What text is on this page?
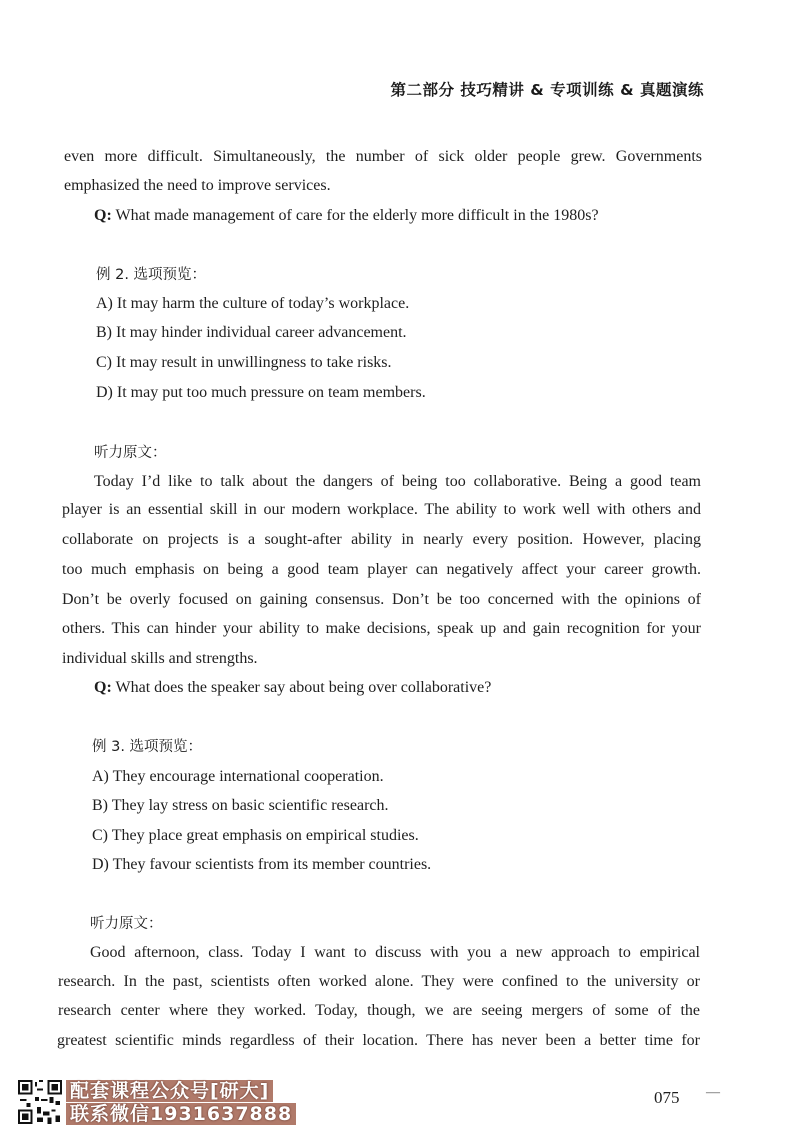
第二部分 技巧精讲 & 专项训练 & 真题演练
even more difficult. Simultaneously, the number of sick older people grew. Governments
emphasized the need to improve services.
Q: What made management of care for the elderly more difficult in the 1980s?
例 2. 选项预览：
A) It may harm the culture of today’s workplace.
B) It may hinder individual career advancement.
C) It may result in unwillingness to take risks.
D) It may put too much pressure on team members.
听力原文：
Today I’d like to talk about the dangers of being too collaborative. Being a good team
player is an essential skill in our modern workplace. The ability to work well with others and
collaborate on projects is a sought-after ability in nearly every position. However, placing
too much emphasis on being a good team player can negatively affect your career growth.
Don’t be overly focused on gaining consensus. Don’t be too concerned with the opinions of
others. This can hinder your ability to make decisions, speak up and gain recognition for your
individual skills and strengths.
Q: What does the speaker say about being over collaborative?
例 3. 选项预览：
A) They encourage international cooperation.
B) They lay stress on basic scientific research.
C) They place great emphasis on empirical studies.
D) They favour scientists from its member countries.
听力原文：
Good afternoon, class. Today I want to discuss with you a new approach to empirical
research. In the past, scientists often worked alone. They were confined to the university or
research center where they worked. Today, though, we are seeing mergers of some of the
greatest scientific minds regardless of their location. There has never been a better time for
配套课程公众号[研大]
联系微信1931637888
075 —
